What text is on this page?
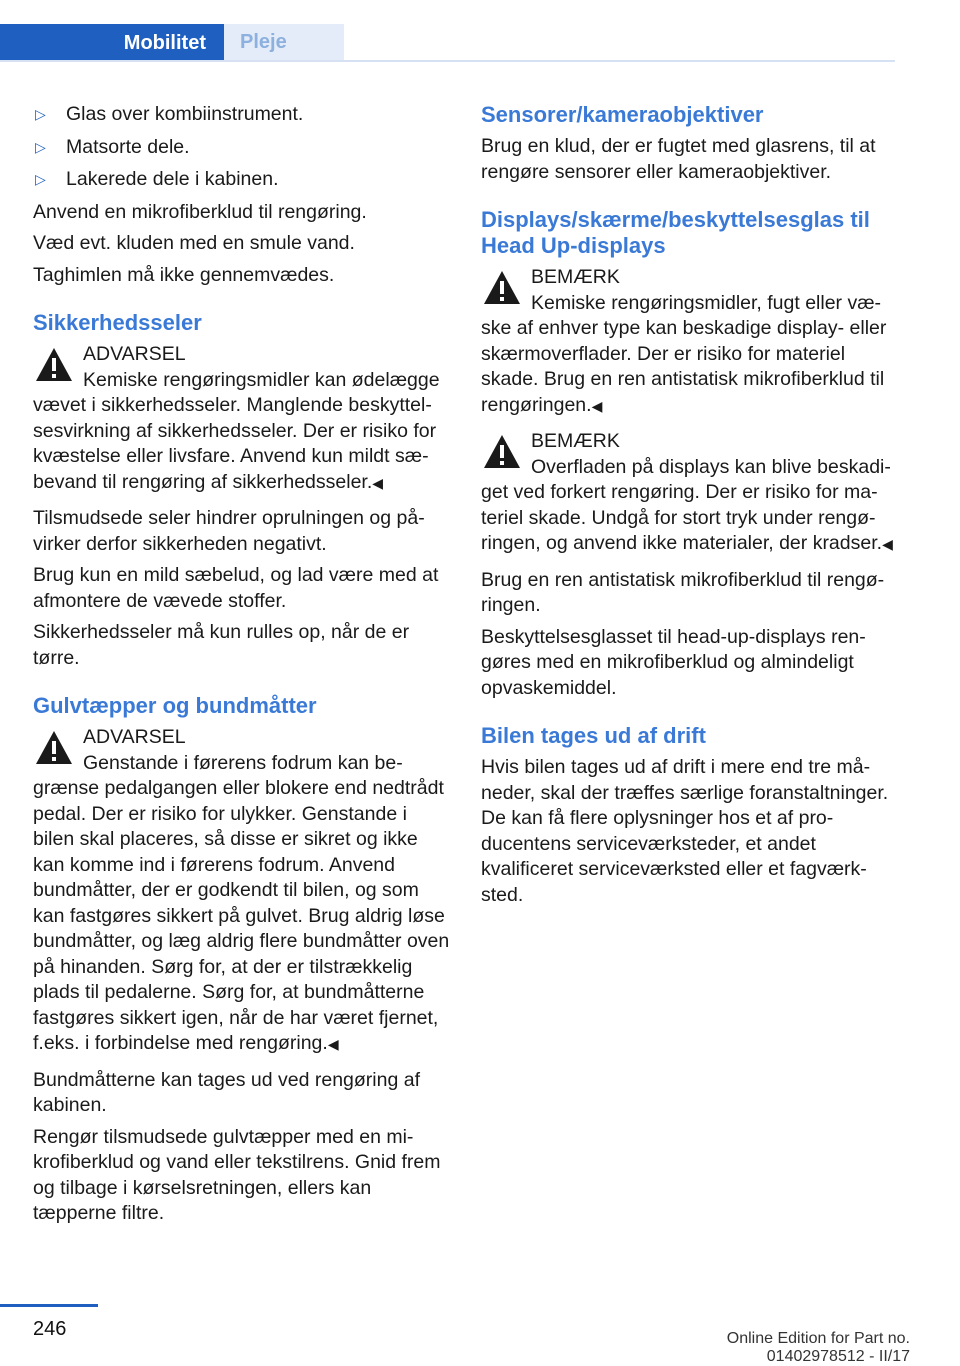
Mobilitet	Pleje
▷ Glas over kombiinstrument.
▷ Matsorte dele.
▷ Lakerede dele i kabinen.

Anvend en mikrofiberklud til rengøring.

Væd evt. kluden med en smule vand.

Taghimlen må ikke gennemvædes.

Sikkerhedsseler
ADVARSEL
Kemiske rengøringsmidler kan ødelægge vævet i sikkerhedsseler. Manglende beskyttelsesvirkning af sikkerhedsseler. Der er risiko for kvæstelse eller livsfare. Anvend kun mildt sæbevand til rengøring af sikkerhedsseler.◀

Tilsmudsede seler hindrer oprulningen og påvirker derfor sikkerheden negativt.

Brug kun en mild sæbelud, og lad være med at afmontere de vævede stoffer.

Sikkerhedsseler må kun rulles op, når de er tørre.

Gulvtæpper og bundmåtter
ADVARSEL
Genstande i førerens fodrum kan begrænse pedalgangen eller blokere end nedtrådt pedal. Der er risiko for ulykker. Genstande i bilen skal placeres, så disse er sikret og ikke kan komme ind i førerens fodrum. Anvend bundmåtter, der er godkendt til bilen, og som kan fastgøres sikkert på gulvet. Brug aldrig løse bundmåtter, og læg aldrig flere bundmåtter oven på hinanden. Sørg for, at der er tilstrækkelig plads til pedalerne. Sørg for, at bundmåtterne fastgøres sikkert igen, når de har været fjernet, f.eks. i forbindelse med rengøring.◀

Bundmåtterne kan tages ud ved rengøring af kabinen.

Rengør tilsmudsede gulvtæpper med en mikrofiberklud og vand eller tekstilrens. Gnid frem og tilbage i kørselsretningen, ellers kan tæpperne filtre.

Sensorer/kameraobjektiver

Brug en klud, der er fugtet med glasrens, til at rengøre sensorer eller kameraobjektiver.

Displays/skærme/beskyttelsesglas til Head Up-displays
BEMÆRK
Kemiske rengøringsmidler, fugt eller væske af enhver type kan beskadige display- eller skærmoverflader. Der er risiko for materiel skade. Brug en ren antistatisk mikrofiberklud til rengøringen.◀
BEMÆRK
Overfladen på displays kan blive beskadiget ved forkert rengøring. Der er risiko for materiel skade. Undgå for stort tryk under rengøringen, og anvend ikke materialer, der kradser.◀

Brug en ren antistatisk mikrofiberklud til rengøringen.

Beskyttelsesglasset til head-up-displays rengøres med en mikrofiberklud og almindeligt opvaskemiddel.

Bilen tages ud af drift

Hvis bilen tages ud af drift i mere end tre måneder, skal der træffes særlige foranstaltninger. De kan få flere oplysninger hos et af producentens serviceværksteder, et andet kvalificeret serviceværksted eller et fagværksted.

246	Online Edition for Part no. 01402978512 - II/17
